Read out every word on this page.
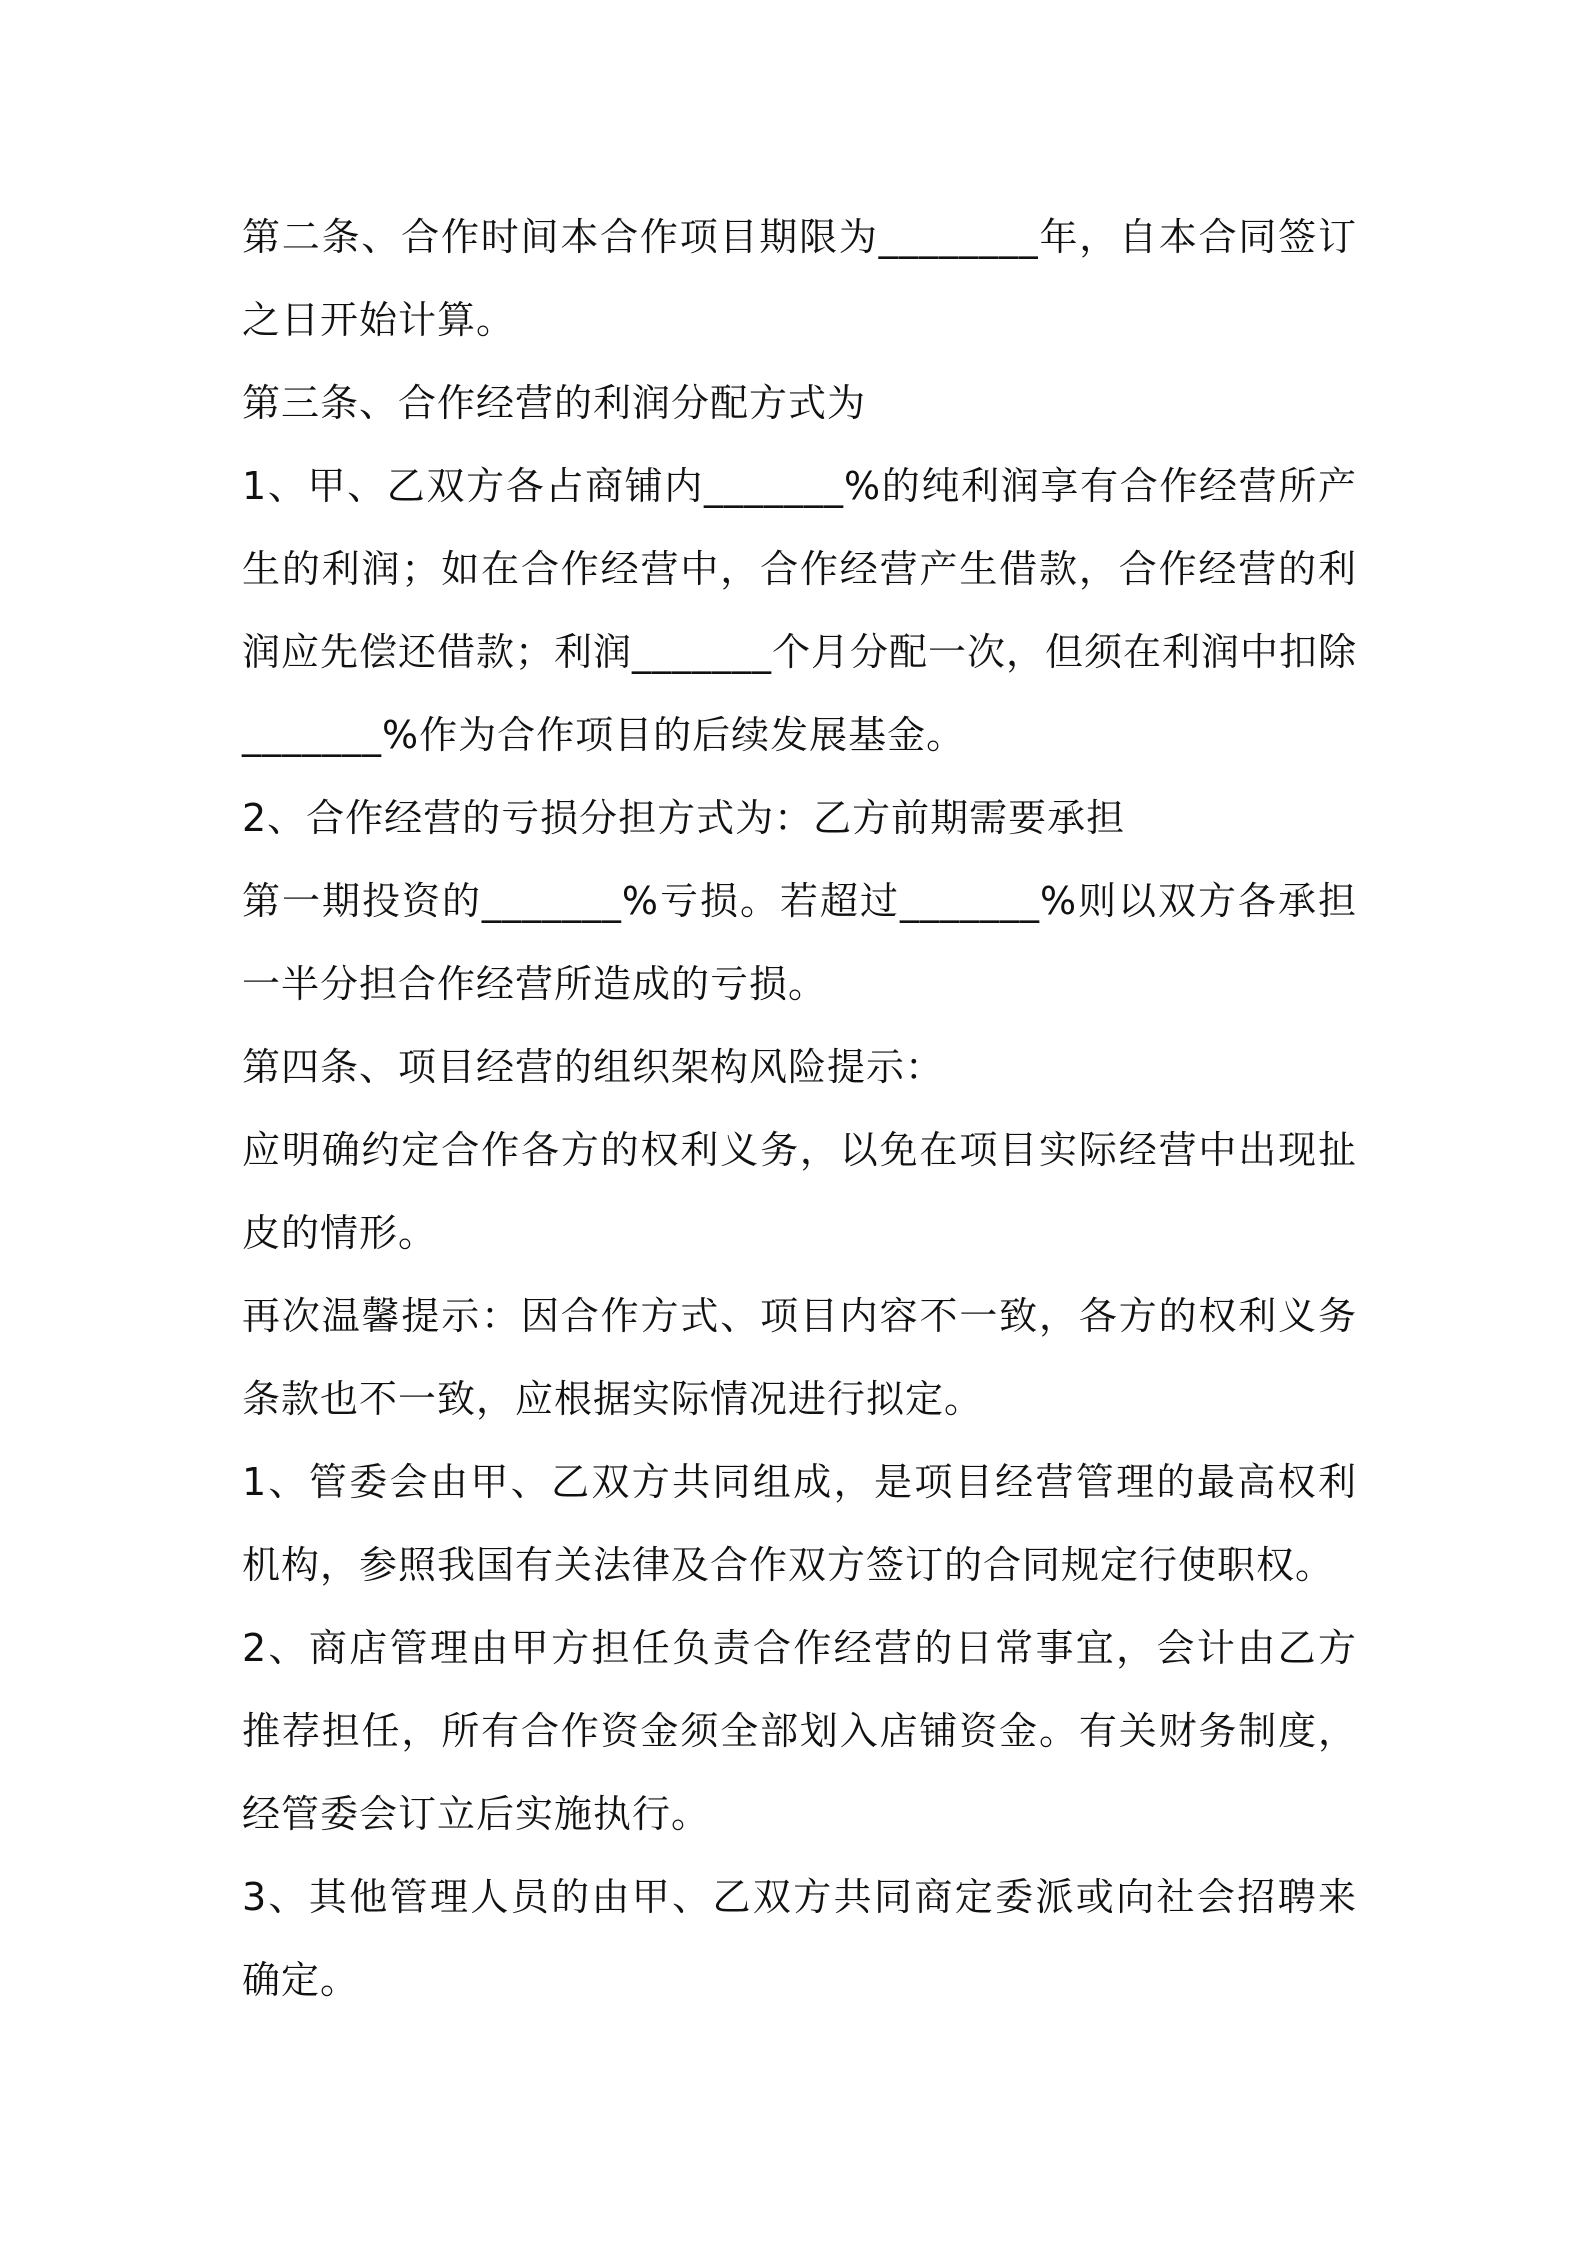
第二条、合作时间本合作项目期限为________年，自本合同签订之日开始计算。

第三条、合作经营的利润分配方式为

1、甲、乙双方各占商铺内_______%的纯利润享有合作经营所产生的利润；如在合作经营中，合作经营产生借款，合作经营的利润应先偿还借款；利润_______个月分配一次，但须在利润中扣除_______%作为合作项目的后续发展基金。

2、合作经营的亏损分担方式为：乙方前期需要承担

第一期投资的_______%亏损。若超过_______%则以双方各承担一半分担合作经营所造成的亏损。

第四条、项目经营的组织架构风险提示：

应明确约定合作各方的权利义务，以免在项目实际经营中出现扯皮的情形。

再次温馨提示：因合作方式、项目内容不一致，各方的权利义务条款也不一致，应根据实际情况进行拟定。

1、管委会由甲、乙双方共同组成，是项目经营管理的最高权利机构，参照我国有关法律及合作双方签订的合同规定行使职权。

2、商店管理由甲方担任负责合作经营的日常事宜，会计由乙方推荐担任，所有合作资金须全部划入店铺资金。有关财务制度，经管委会订立后实施执行。

3、其他管理人员的由甲、乙双方共同商定委派或向社会招聘来确定。
